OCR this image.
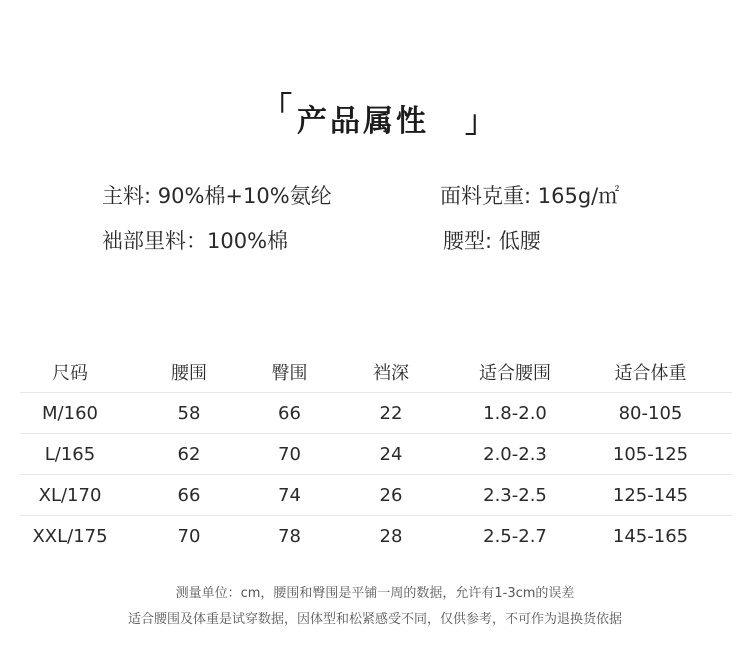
「 产品属性 」
主料: 90%棉+10%氨纶	面料克重: 165g/㎡
袦部里料：100%棉	腰型: 低腰
尺码	腰围	臀围	裆深	适合腰围	适合体重
M/160	58	66	22	1.8-2.0	80-105
L/165	62	70	24	2.0-2.3	105-125
XL/170	66	74	26	2.3-2.5	125-145
XXL/175	70	78	28	2.5-2.7	145-165
测量单位：cm，腰围和臀围是平铺一周的数据，允许有1-3cm的误差
适合腰围及体重是试穿数据，因体型和松紧感受不同，仅供参考，不可作为退换货依据
